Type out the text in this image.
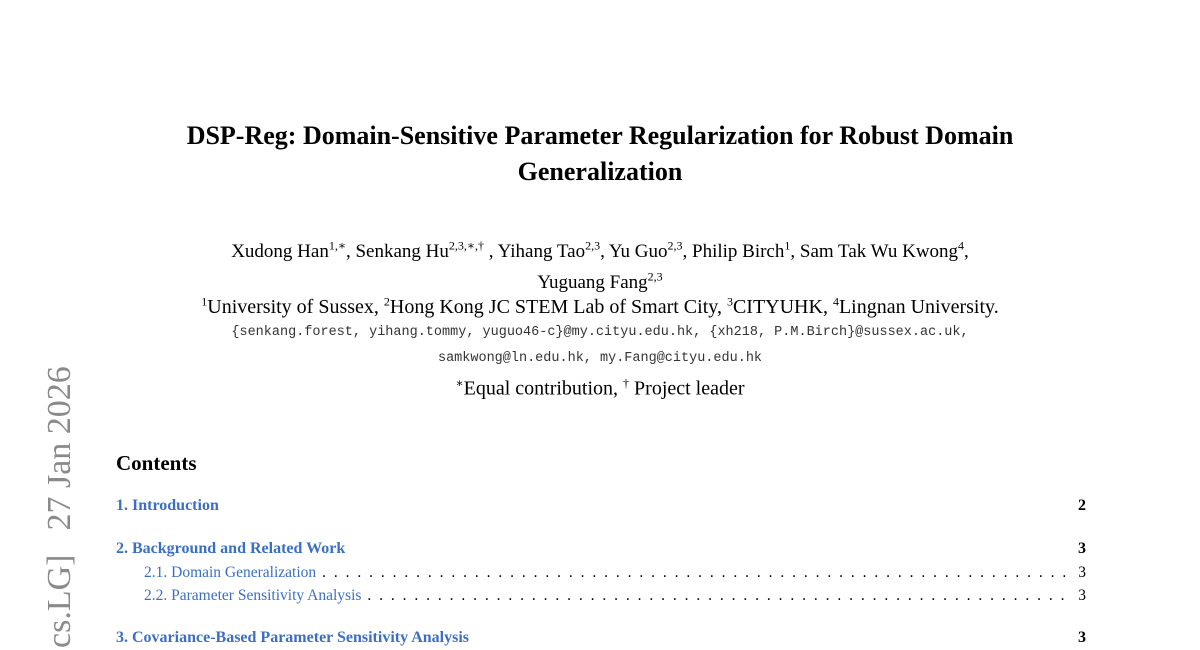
cs.LG]27 Jan 2026
DSP-Reg: Domain-Sensitive Parameter Regularization for Robust Domain
Generalization
Xudong Han$^{1,∗}$, Senkang $Hu^{2,3,∗,\dagger}$ , Yihang Tao$^{2,3}$, Yu Guo$^{2,3}$, Philip Birch$^1$, Sam Tak Wu Kwong$^4$,
Yuguang Fang$^{2,3}$
$^1$University of Sussex, $^2$Hong Kong JC STEM Lab of Smart City, $^3$CITYUHK, $^4$Lingnan University.
{senkang.forest, yihang.tommy, yuguo46-c}@my.cityu.edu.hk, {xh218, P.M.Birch}@sussex.ac.uk,
samkwong@ln.edu.hk, my.Fang@cityu.edu.hk
∗Equal contribution, † Project leader
Contents
1. Introduction	2
2. Background and Related Work	3
2.1. Domain Generalization . . .	3
2.2. Parameter Sensitivity Analysis . . .	3
3. Covariance-Based Parameter Sensitivity Analysis	3
